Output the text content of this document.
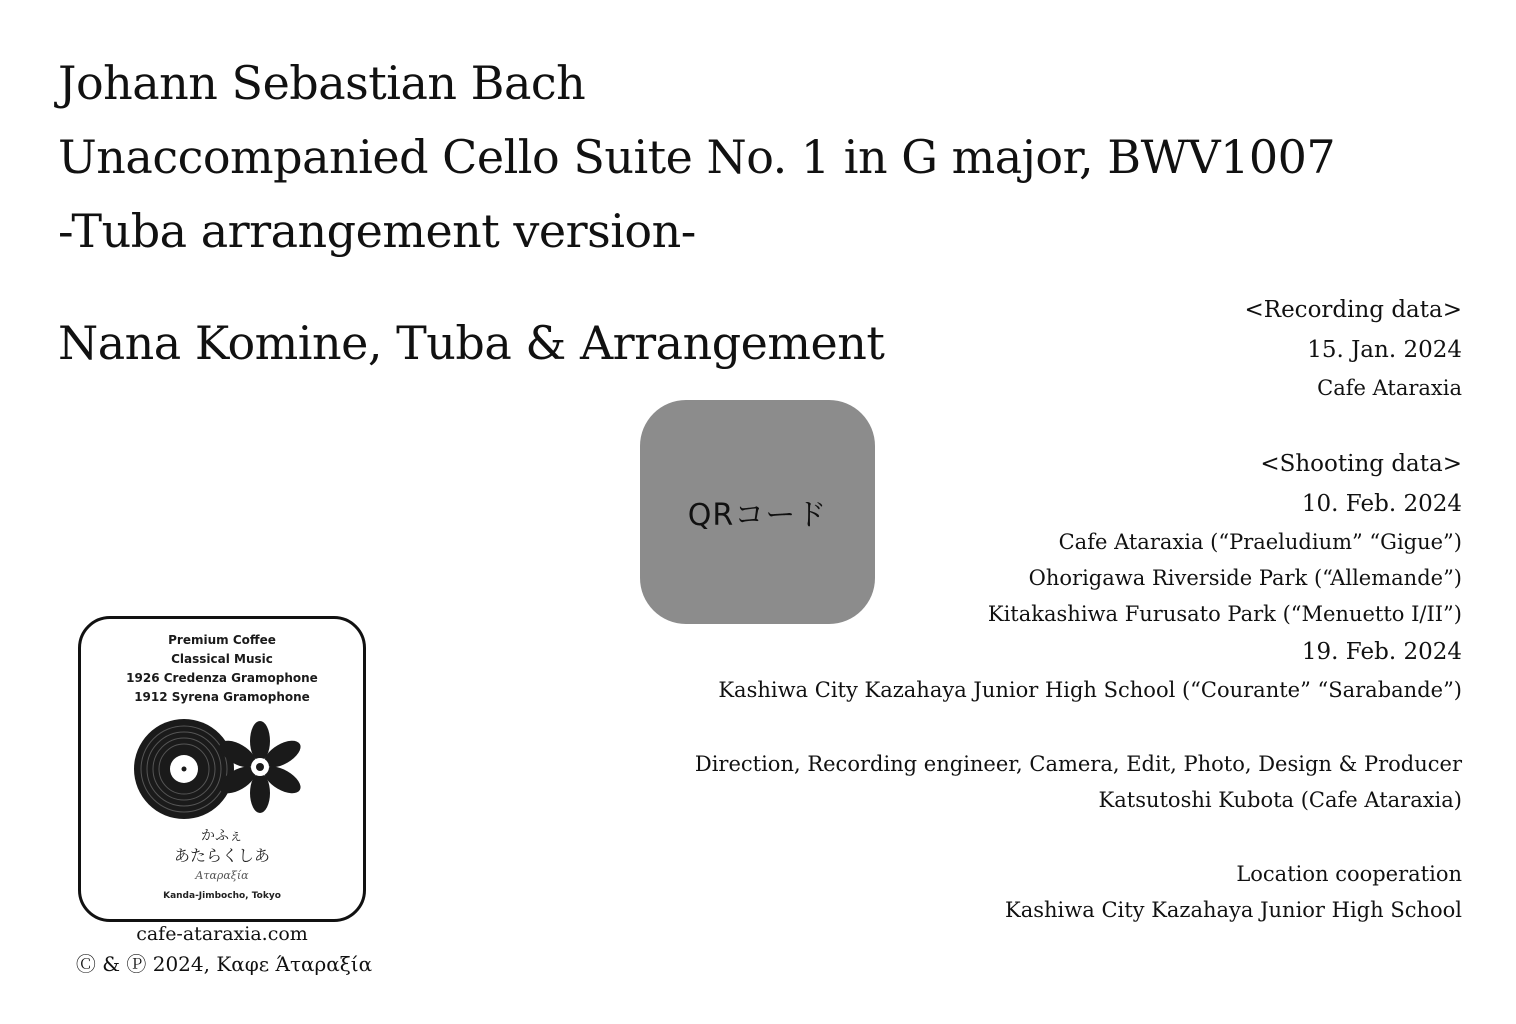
Johann Sebastian Bach
Unaccompanied Cello Suite No. 1 in G major, BWV1007
-Tuba arrangement version-
Nana Komine, Tuba & Arrangement
QRコード
<Recording data>
15. Jan. 2024
Cafe Ataraxia
<Shooting data>
10. Feb. 2024
Cafe Ataraxia (“Praeludium” “Gigue”)
Ohorigawa Riverside Park (“Allemande”)
Kitakashiwa Furusato Park (“Menuetto I/II”)
19. Feb. 2024
Kashiwa City Kazahaya Junior High School (“Courante” “Sarabande”)
Direction, Recording engineer, Camera, Edit, Photo, Design & Producer
Katsutoshi Kubota (Cafe Ataraxia)
Location cooperation
Kashiwa City Kazahaya Junior High School
Premium Coffee
Classical Music
1926 Credenza Gramophone
1912 Syrena Gramophone
かふぇ
あたらくしあ
Αταραξία
Kanda-Jimbocho, Tokyo
cafe-ataraxia.com
Ⓒ & Ⓟ 2024, Καφε Άταραξία
